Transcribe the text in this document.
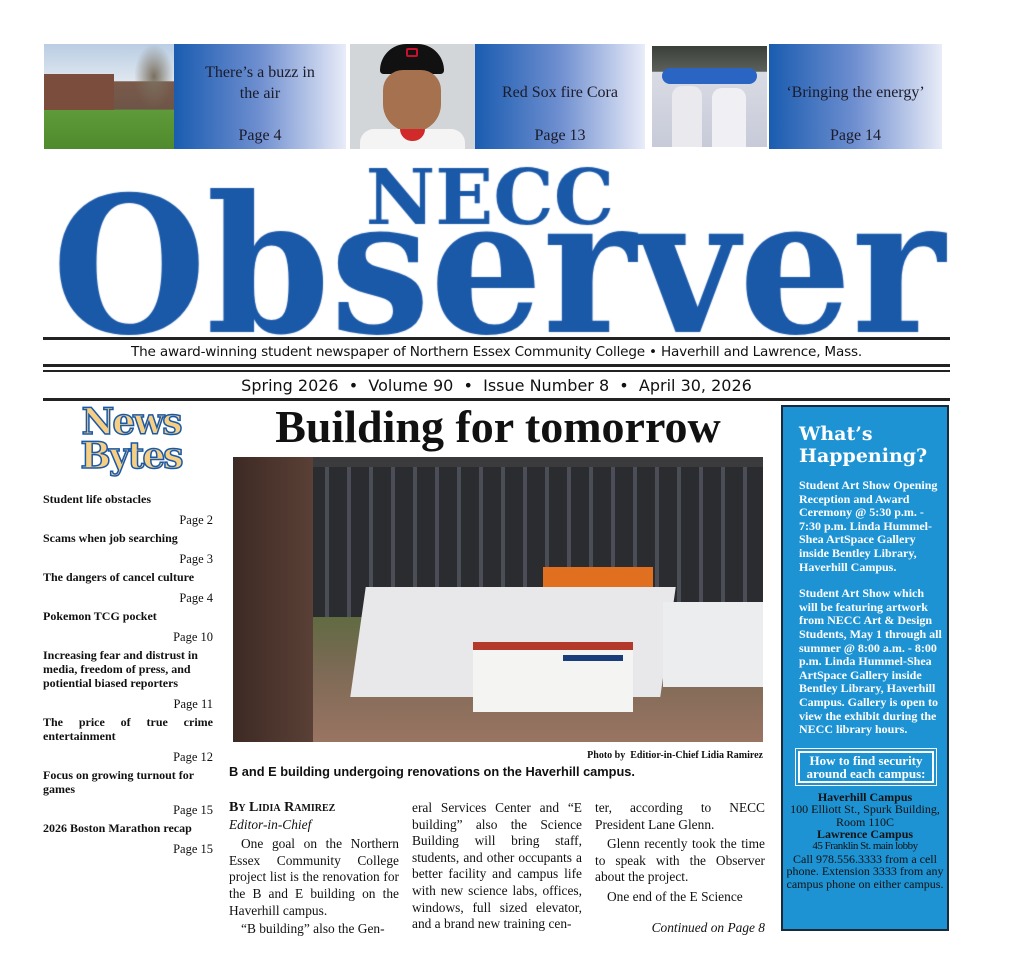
There’s a buzz in the air
Page 4
Red Sox fire Cora
Page 13
‘Bringing the energy’
Page 14
The award-winning student newspaper of Northern Essex Community College • Haverhill and Lawrence, Mass.
Spring 2026  •  Volume 90  •  Issue Number 8  •  April 30, 2026
News
Bytes
Student life obstacles
Page 2
Scams when job searching
Page 3
The dangers of cancel culture
Page 4
Pokemon TCG pocket
Page 10
Increasing fear and distrust in media, freedom of press, and potiential biased reporters
Page 11
The price of true crime entertainment
Page 12
Focus on growing turnout for games
Page 15
2026 Boston Marathon recap
Page 15
Building for tomorrow
Photo by  Editior-in-Chief Lidia Ramirez
B and E building undergoing renovations on the Haverhill campus.
By Lidia Ramirez
Editor-in-Chief

One goal on the Northern Essex Community College project list is the renovation for the B and E building on the Haverhill campus.

“B building” also the Gen-

eral Services Center and “E building” also the Science Building will bring staff, students, and other occupants a better facility and campus life with new science labs, offices, windows, full sized elevator, and a brand new training cen-
ter, according to NECC President Lane Glenn.

Glenn recently took the time to speak with the Observer about the project.

One end of the E Science

Continued on Page 8
What’s Happening?
Student Art Show Opening Reception and Award Ceremony @ 5:30 p.m. - 7:30 p.m. Linda Hummel-Shea ArtSpace Gallery inside Bentley Library, Haverhill Campus.
Student Art Show which will be featuring artwork from NECC Art & Design Students, May 1 through all summer @ 8:00 a.m. - 8:00 p.m. Linda Hummel-Shea ArtSpace Gallery inside Bentley Library, Haverhill Campus. Gallery is open to view the exhibit during the NECC library hours.
How to find security around each campus:
Haverhill Campus
100 Elliott St., Spurk Building, Room 110C
Lawrence Campus
45 Franklin St. main lobby
Call 978.556.3333 from a cell phone. Extension 3333 from any campus phone on either campus.
